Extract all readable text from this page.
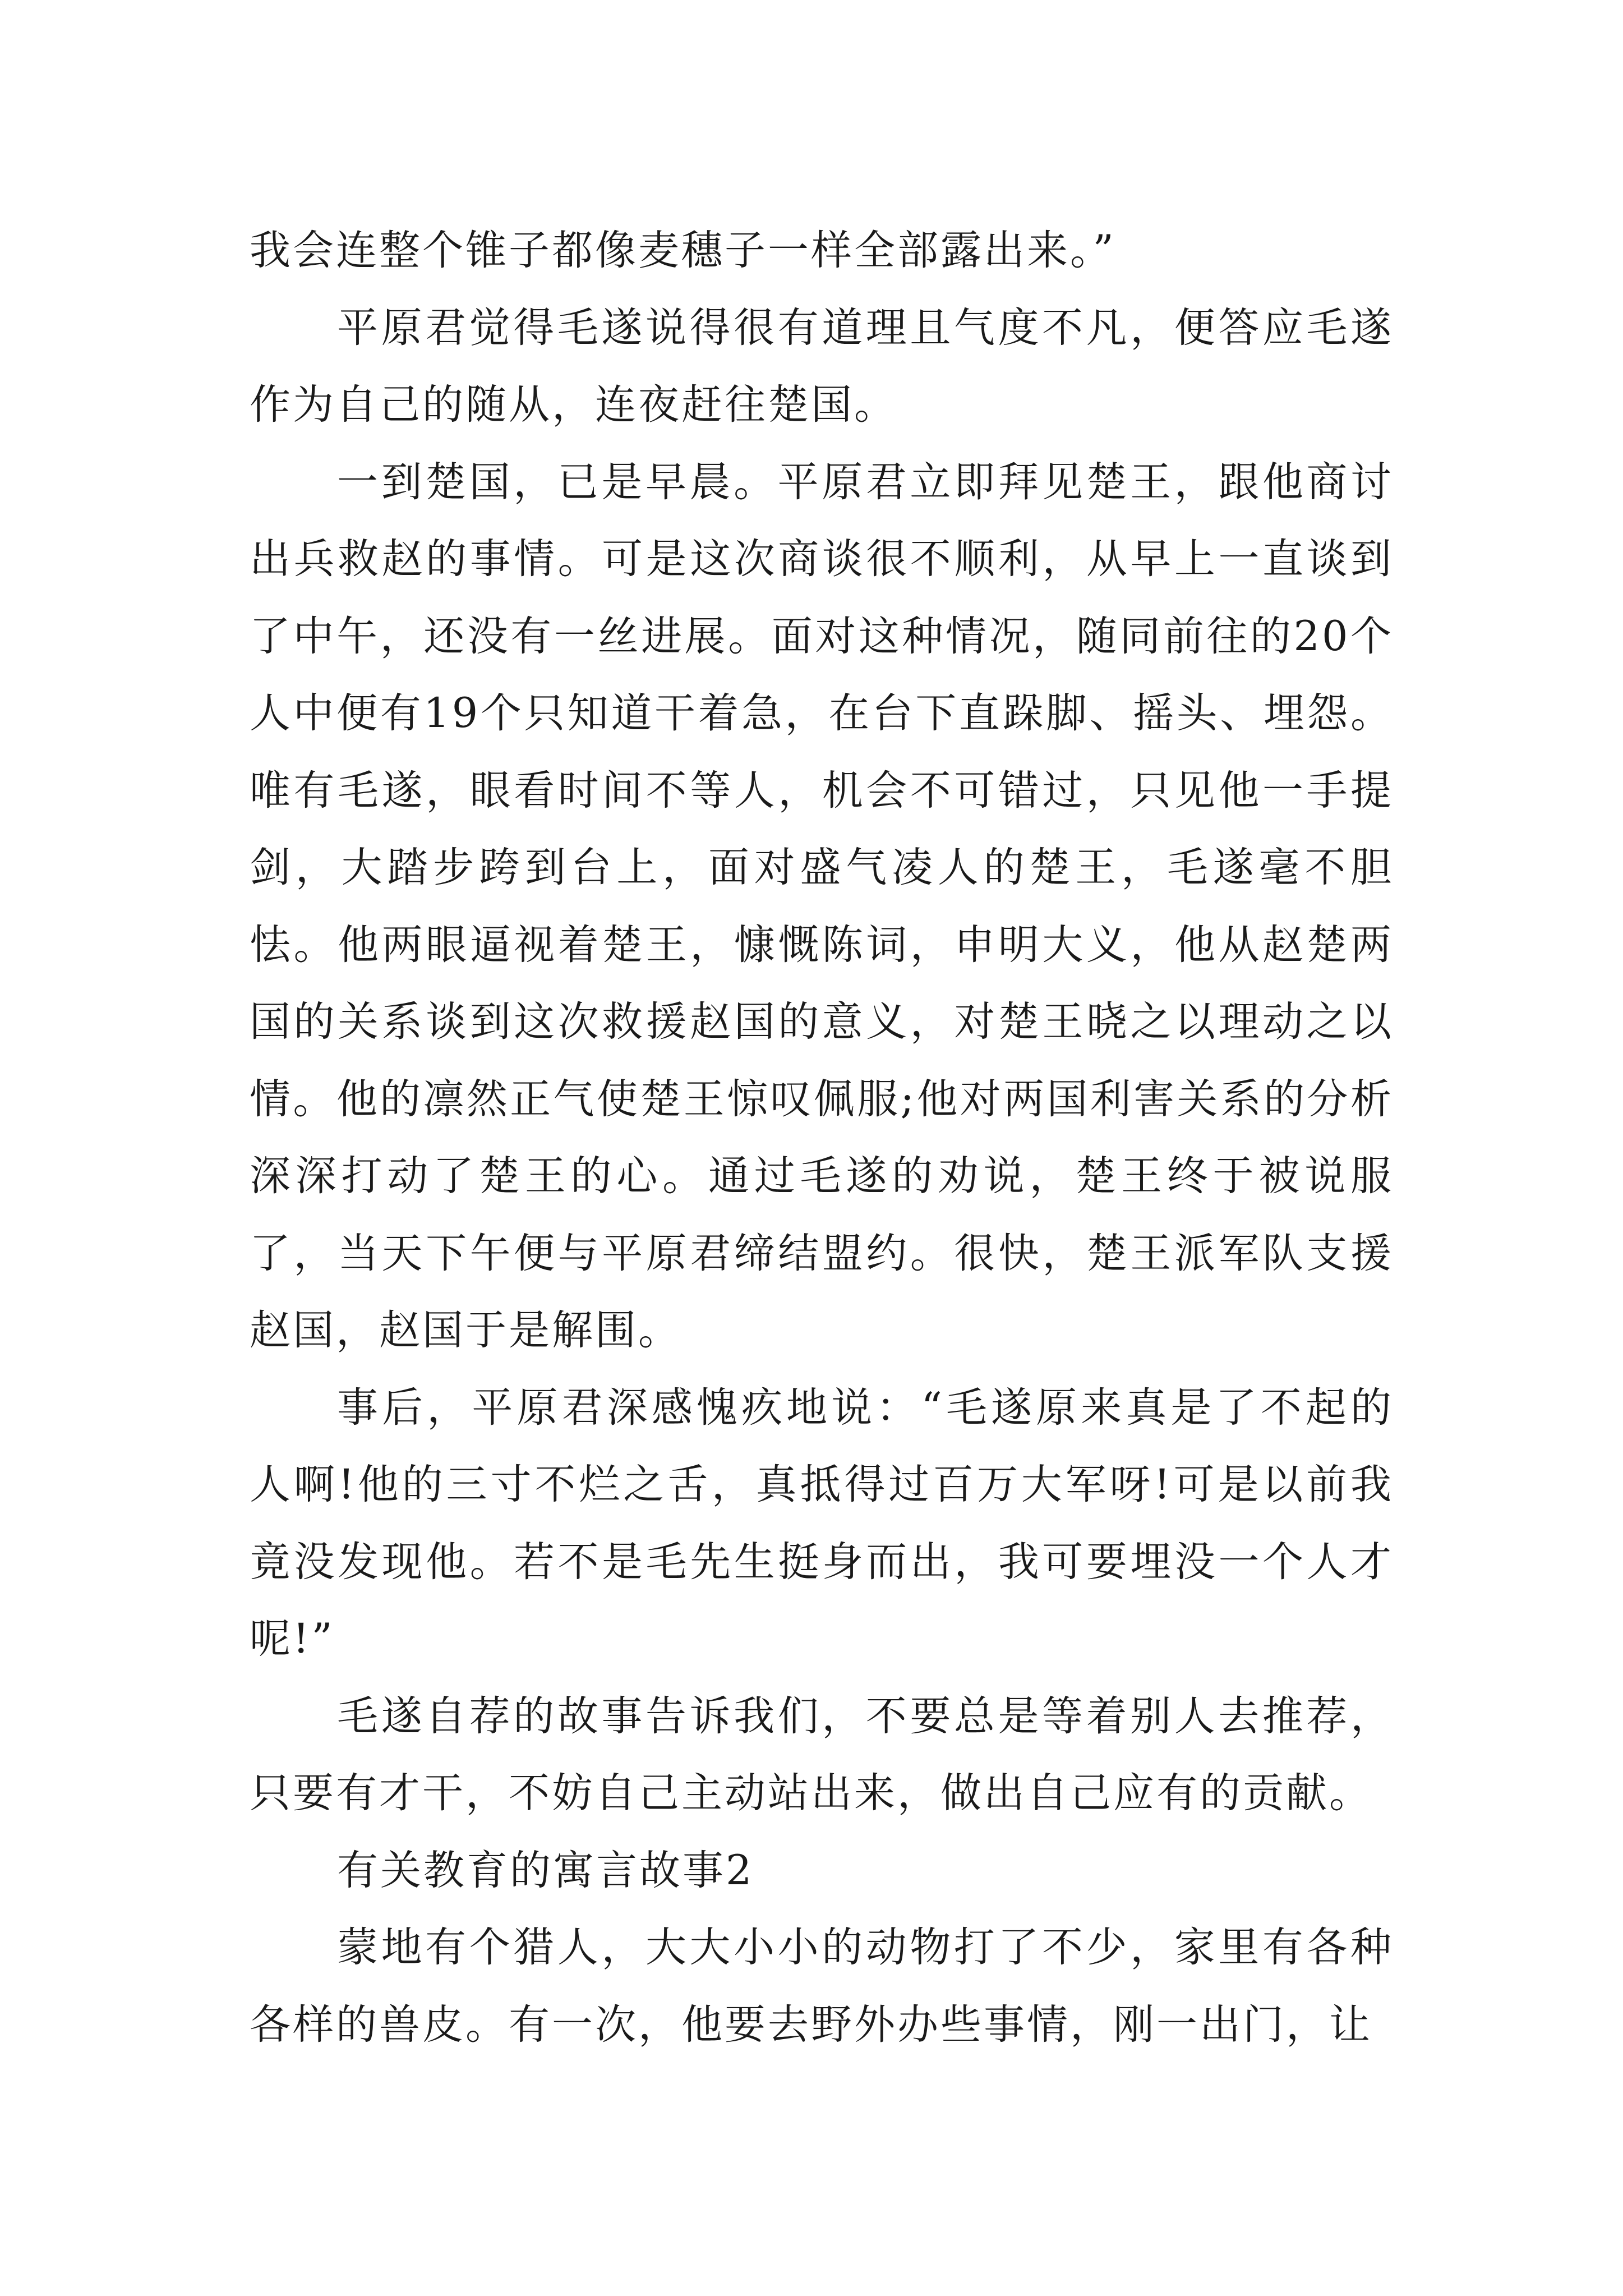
我会连整个锥子都像麦穗子一样全部露出来。”

平原君觉得毛遂说得很有道理且气度不凡，便答应毛遂作为自己的随从，连夜赶往楚国。

一到楚国，已是早晨。平原君立即拜见楚王，跟他商讨出兵救赵的事情。可是这次商谈很不顺利，从早上一直谈到了中午，还没有一丝进展。面对这种情况，随同前往的20个人中便有19个只知道干着急，在台下直跺脚、摇头、埋怨。唯有毛遂，眼看时间不等人，机会不可错过，只见他一手提剑，大踏步跨到台上，面对盛气凌人的楚王，毛遂毫不胆怯。他两眼逼视着楚王，慷慨陈词，申明大义，他从赵楚两国的关系谈到这次救援赵国的意义，对楚王晓之以理动之以情。他的凛然正气使楚王惊叹佩服;他对两国利害关系的分析深深打动了楚王的心。通过毛遂的劝说，楚王终于被说服了，当天下午便与平原君缔结盟约。很快，楚王派军队支援赵国，赵国于是解围。

事后，平原君深感愧疚地说：“毛遂原来真是了不起的人啊!他的三寸不烂之舌，真抵得过百万大军呀!可是以前我竟没发现他。若不是毛先生挺身而出，我可要埋没一个人才呢!”

毛遂自荐的故事告诉我们，不要总是等着别人去推荐，只要有才干，不妨自己主动站出来，做出自己应有的贡献。

有关教育的寓言故事2

蒙地有个猎人，大大小小的动物打了不少，家里有各种各样的兽皮。有一次，他要去野外办些事情，刚一出门，让
